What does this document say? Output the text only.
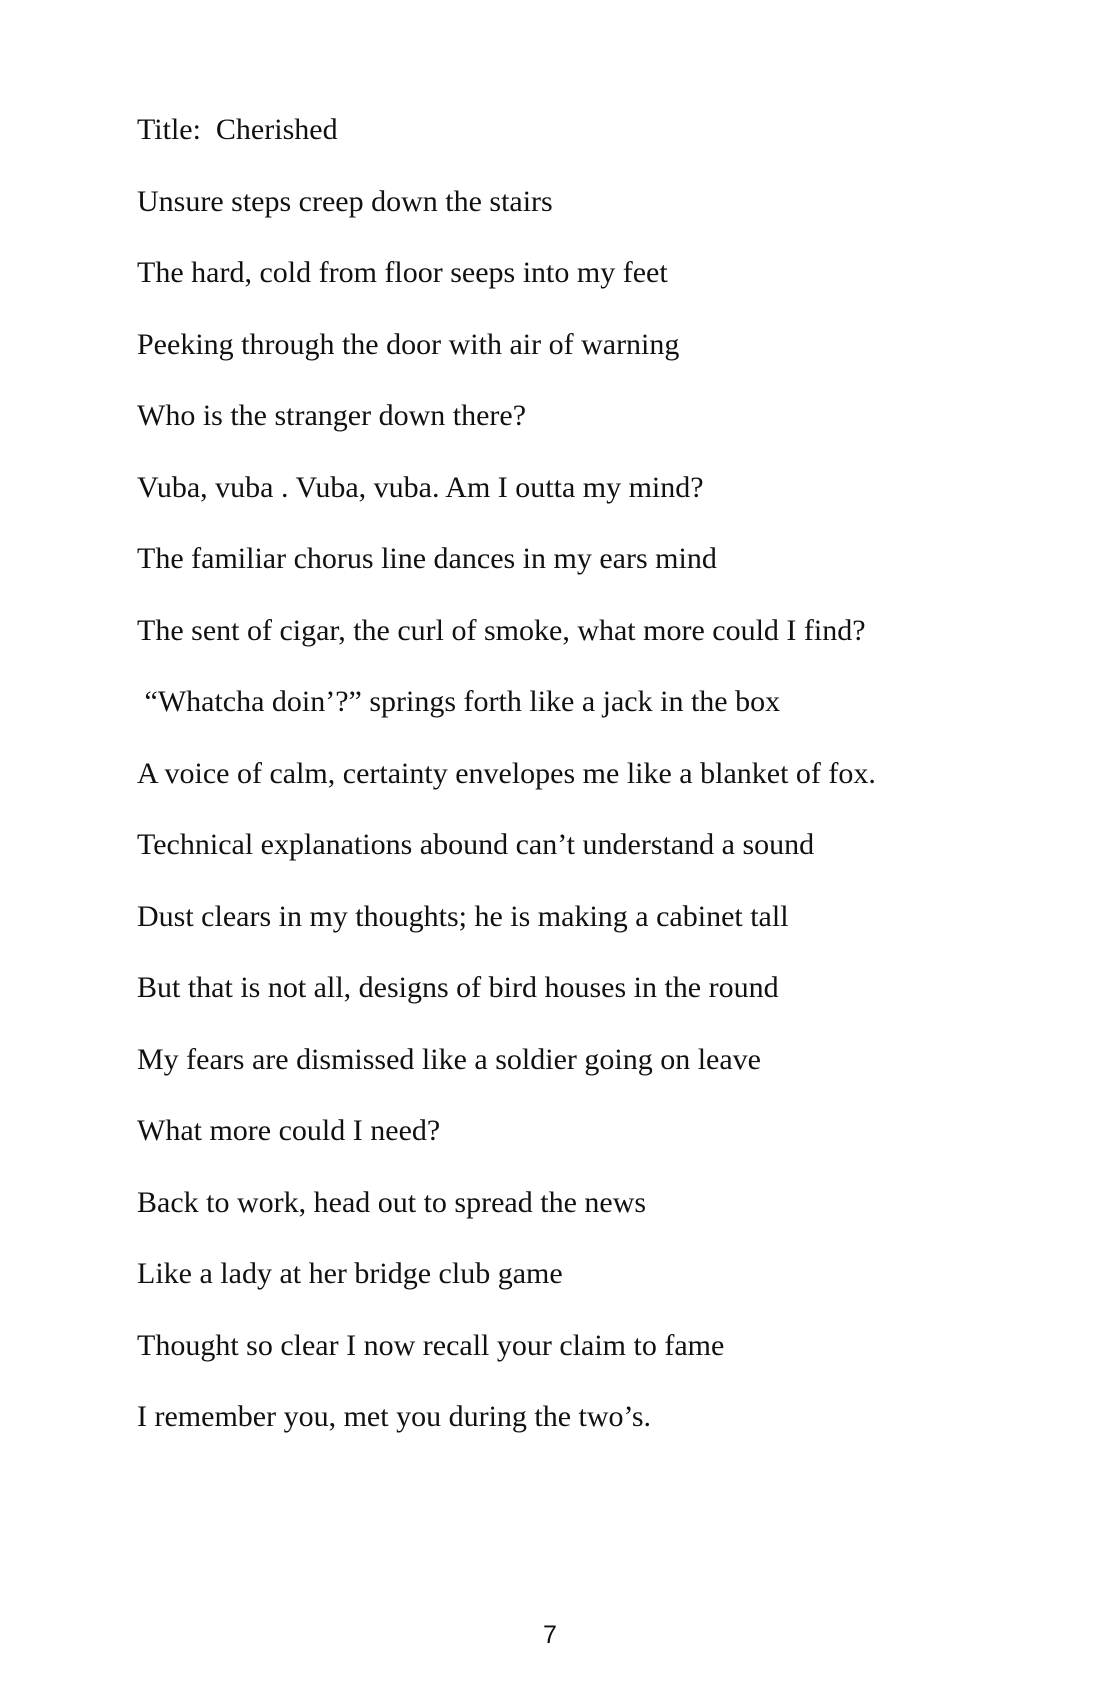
Title:  Cherished
Unsure steps creep down the stairs
The hard, cold from floor seeps into my feet
Peeking through the door with air of warning
Who is the stranger down there?
Vuba, vuba . Vuba, vuba. Am I outta my mind?
The familiar chorus line dances in my ears mind
The sent of cigar, the curl of smoke, what more could I find?
“Whatcha doin’?” springs forth like a jack in the box
A voice of calm, certainty envelopes me like a blanket of fox.
Technical explanations abound can’t understand a sound
Dust clears in my thoughts; he is making a cabinet tall
But that is not all, designs of bird houses in the round
My fears are dismissed like a soldier going on leave
What more could I need?
Back to work, head out to spread the news
Like a lady at her bridge club game
Thought so clear I now recall your claim to fame
I remember you, met you during the two’s.
7
